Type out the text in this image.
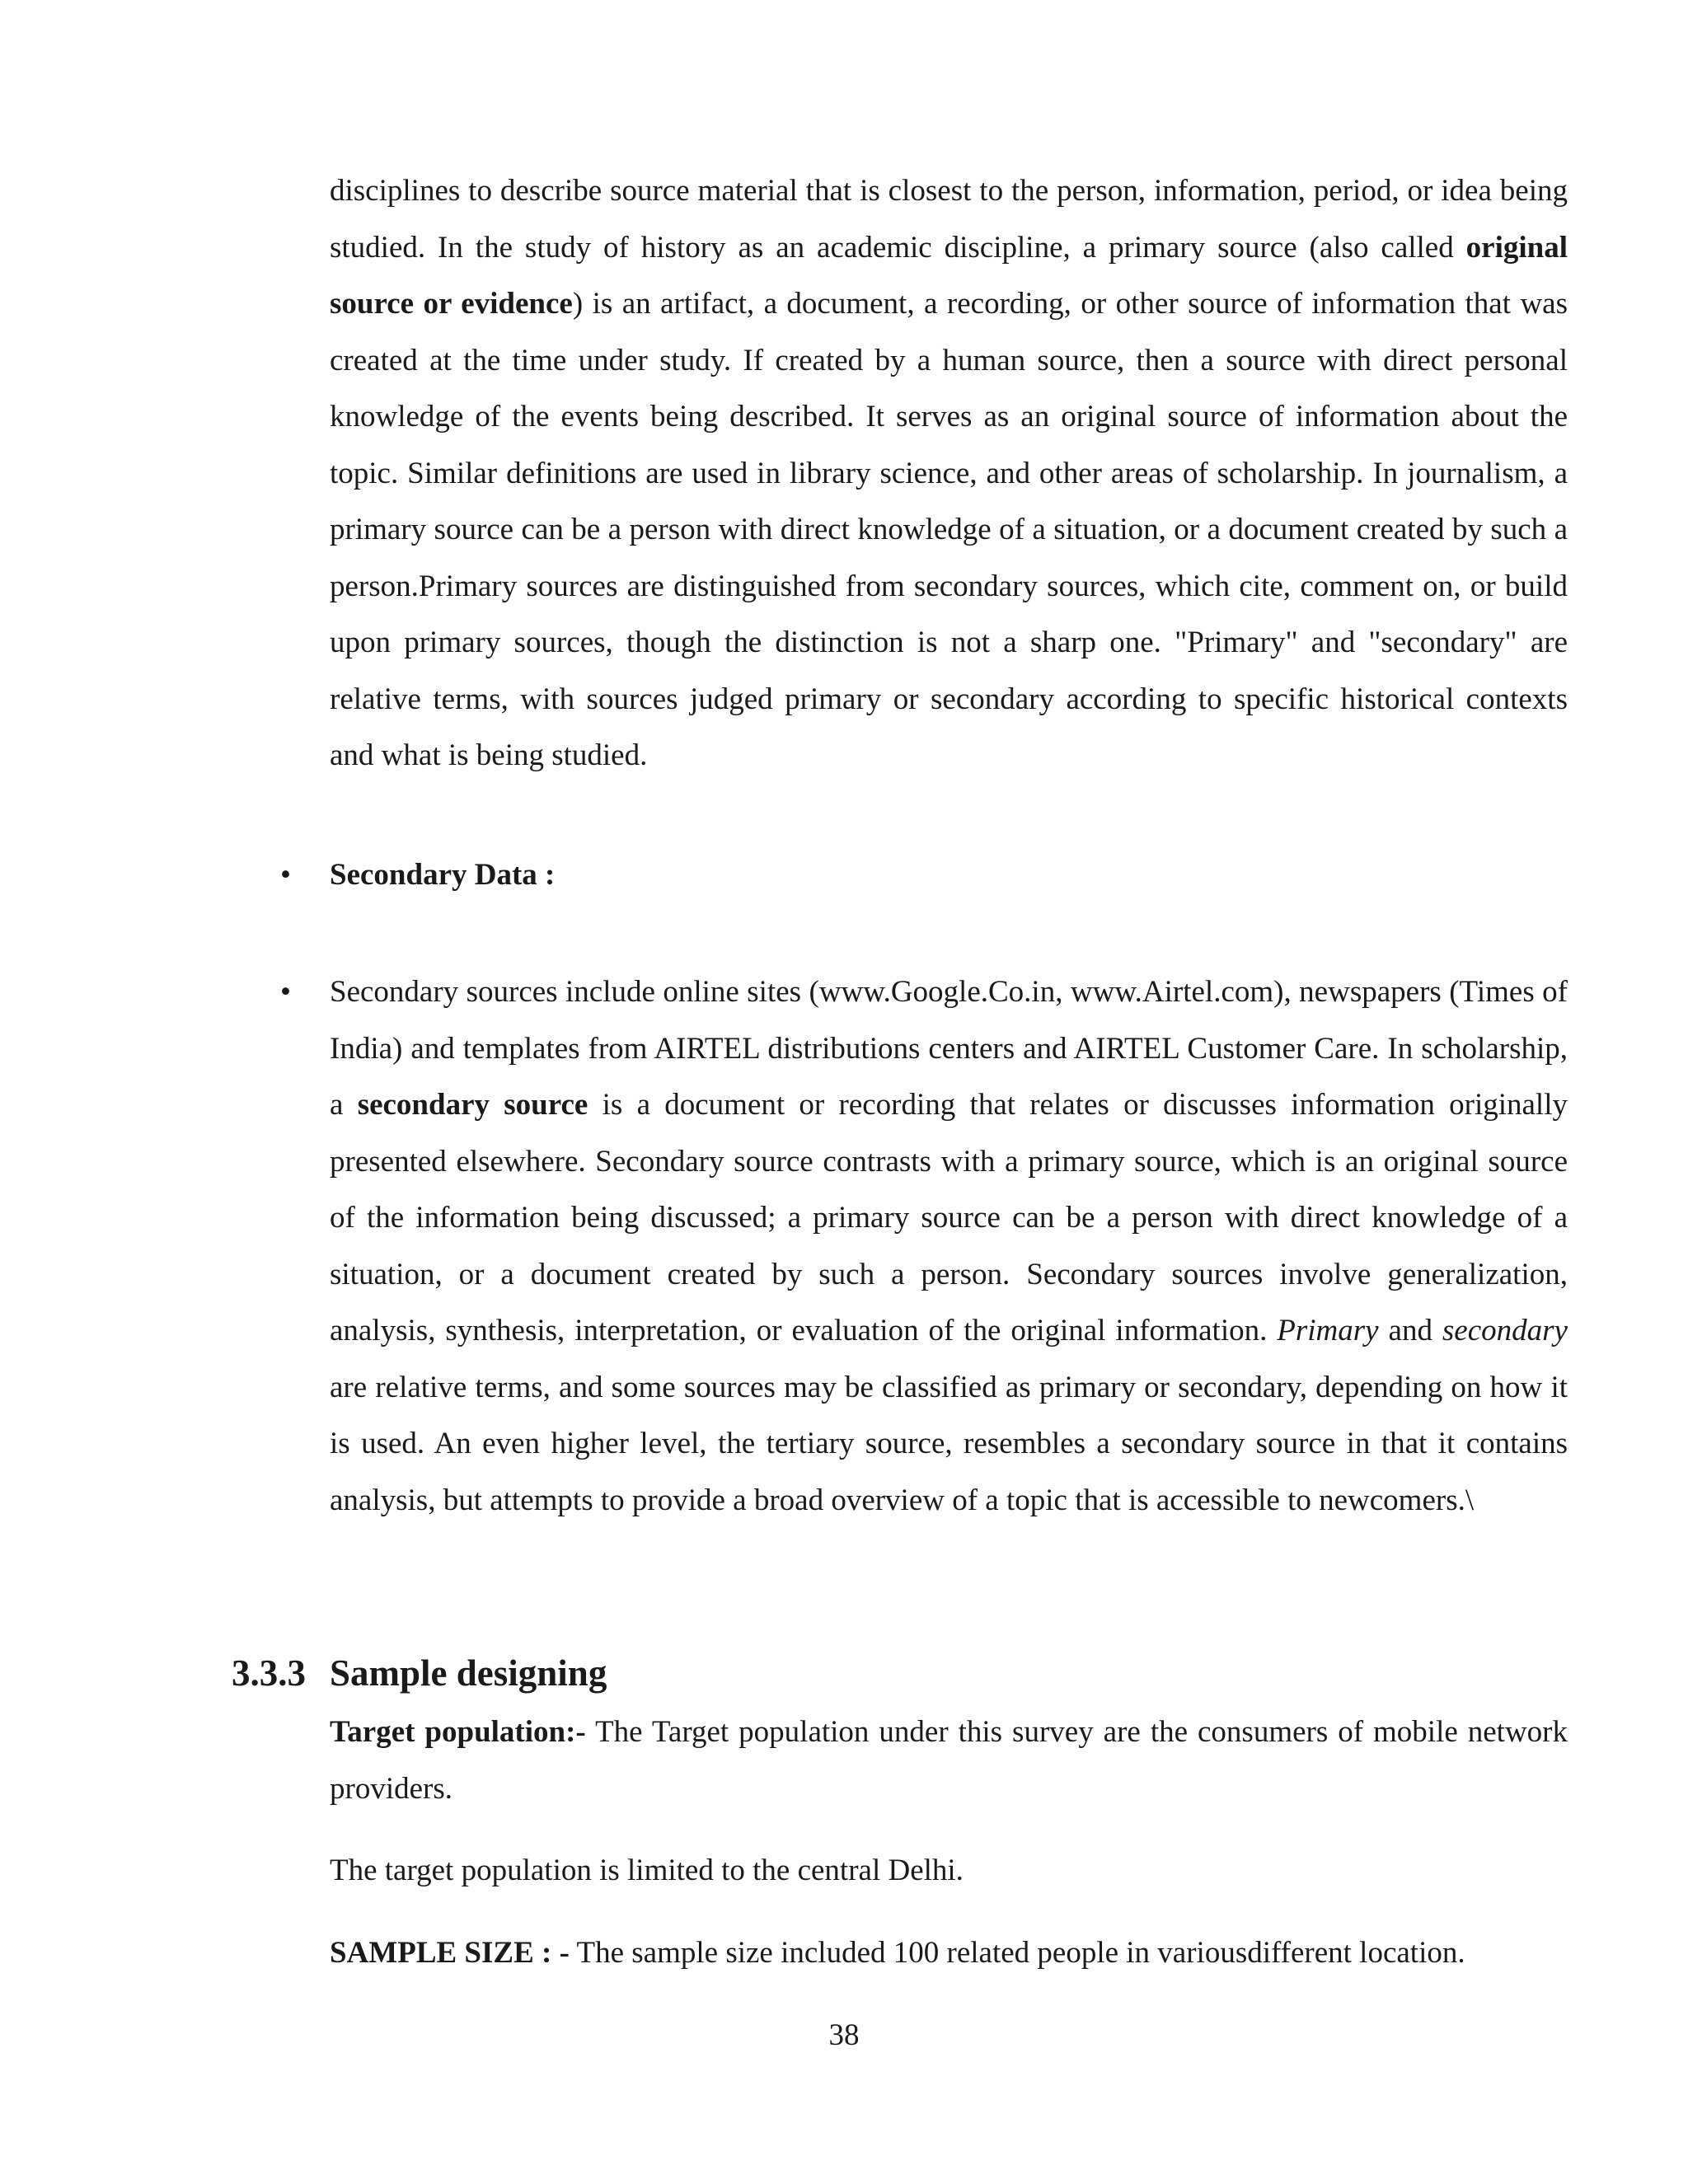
disciplines to describe source material that is closest to the person, information, period, or idea being studied. In the study of history as an academic discipline, a primary source (also called original source or evidence) is an artifact, a document, a recording, or other source of information that was created at the time under study. If created by a human source, then a source with direct personal knowledge of the events being described. It serves as an original source of information about the topic. Similar definitions are used in library science, and other areas of scholarship. In journalism, a primary source can be a person with direct knowledge of a situation, or a document created by such a person.Primary sources are distinguished from secondary sources, which cite, comment on, or build upon primary sources, though the distinction is not a sharp one. "Primary" and "secondary" are relative terms, with sources judged primary or secondary according to specific historical contexts and what is being studied.
•	Secondary Data :
•	Secondary sources include online sites (www.Google.Co.in, www.Airtel.com), newspapers (Times of India) and templates from AIRTEL distributions centers and AIRTEL Customer Care. In scholarship, a secondary source is a document or recording that relates or discusses information originally presented elsewhere. Secondary source contrasts with a primary source, which is an original source of the information being discussed; a primary source can be a person with direct knowledge of a situation, or a document created by such a person. Secondary sources involve generalization, analysis, synthesis, interpretation, or evaluation of the original information. Primary and secondary are relative terms, and some sources may be classified as primary or secondary, depending on how it is used. An even higher level, the tertiary source, resembles a secondary source in that it contains analysis, but attempts to provide a broad overview of a topic that is accessible to newcomers.\
3.3.3 Sample designing
Target population:- The Target population under this survey are the consumers of mobile network providers.
The target population is limited to the central Delhi.
SAMPLE SIZE : - The sample size included 100 related people in variousdifferent location.
38
